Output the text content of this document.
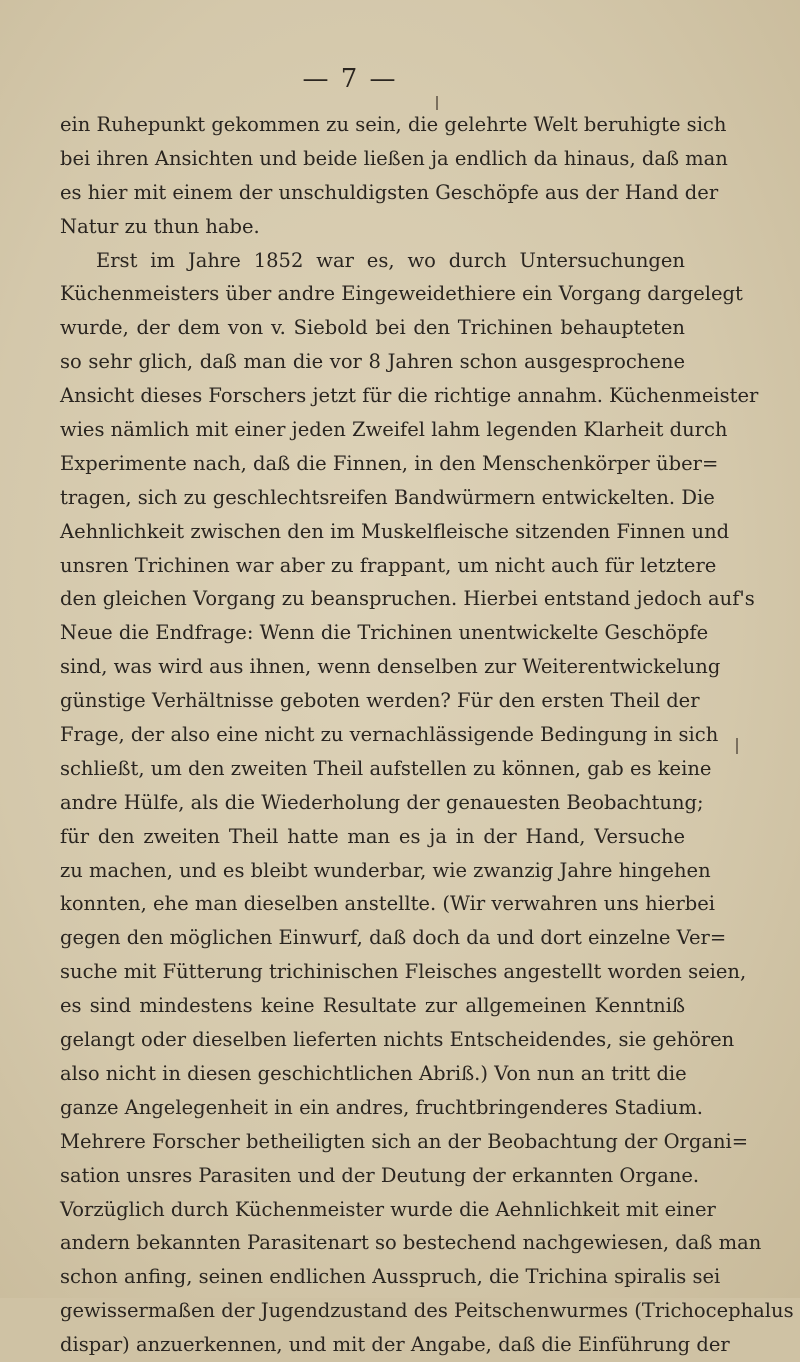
— 7 —
ein Ruhepunkt gekommen zu sein, die gelehrte Welt beruhigte sich
bei ihren Ansichten und beide ließen ja endlich da hinaus, daß man
es hier mit einem der unschuldigsten Geschöpfe aus der Hand der
Natur zu thun habe.
Erst im Jahre 1852 war es, wo durch Untersuchungen
Küchenmeisters über andre Eingeweidethiere ein Vorgang dargelegt
wurde, der dem von v. Siebold bei den Trichinen behaupteten
so sehr glich, daß man die vor 8 Jahren schon ausgesprochene
Ansicht dieses Forschers jetzt für die richtige annahm. Küchenmeister
wies nämlich mit einer jeden Zweifel lahm legenden Klarheit durch
Experimente nach, daß die Finnen, in den Menschenkörper über=
tragen, sich zu geschlechtsreifen Bandwürmern entwickelten. Die
Aehnlichkeit zwischen den im Muskelfleische sitzenden Finnen und
unsren Trichinen war aber zu frappant, um nicht auch für letztere
den gleichen Vorgang zu beanspruchen. Hierbei entstand jedoch auf's
Neue die Endfrage: Wenn die Trichinen unentwickelte Geschöpfe
sind, was wird aus ihnen, wenn denselben zur Weiterentwickelung
günstige Verhältnisse geboten werden? Für den ersten Theil der
Frage, der also eine nicht zu vernachlässigende Bedingung in sich
schließt, um den zweiten Theil aufstellen zu können, gab es keine
andre Hülfe, als die Wiederholung der genauesten Beobachtung;
für den zweiten Theil hatte man es ja in der Hand, Versuche
zu machen, und es bleibt wunderbar, wie zwanzig Jahre hingehen
konnten, ehe man dieselben anstellte. (Wir verwahren uns hierbei
gegen den möglichen Einwurf, daß doch da und dort einzelne Ver=
suche mit Fütterung trichinischen Fleisches angestellt worden seien,
es sind mindestens keine Resultate zur allgemeinen Kenntniß
gelangt oder dieselben lieferten nichts Entscheidendes, sie gehören
also nicht in diesen geschichtlichen Abriß.) Von nun an tritt die
ganze Angelegenheit in ein andres, fruchtbringenderes Stadium.
Mehrere Forscher betheiligten sich an der Beobachtung der Organi=
sation unsres Parasiten und der Deutung der erkannten Organe.
Vorzüglich durch Küchenmeister wurde die Aehnlichkeit mit einer
andern bekannten Parasitenart so bestechend nachgewiesen, daß man
schon anfing, seinen endlichen Ausspruch, die Trichina spiralis sei
gewissermaßen der Jugendzustand des Peitschenwurmes (Trichocephalus
dispar) anzuerkennen, und mit der Angabe, daß die Einführung der
